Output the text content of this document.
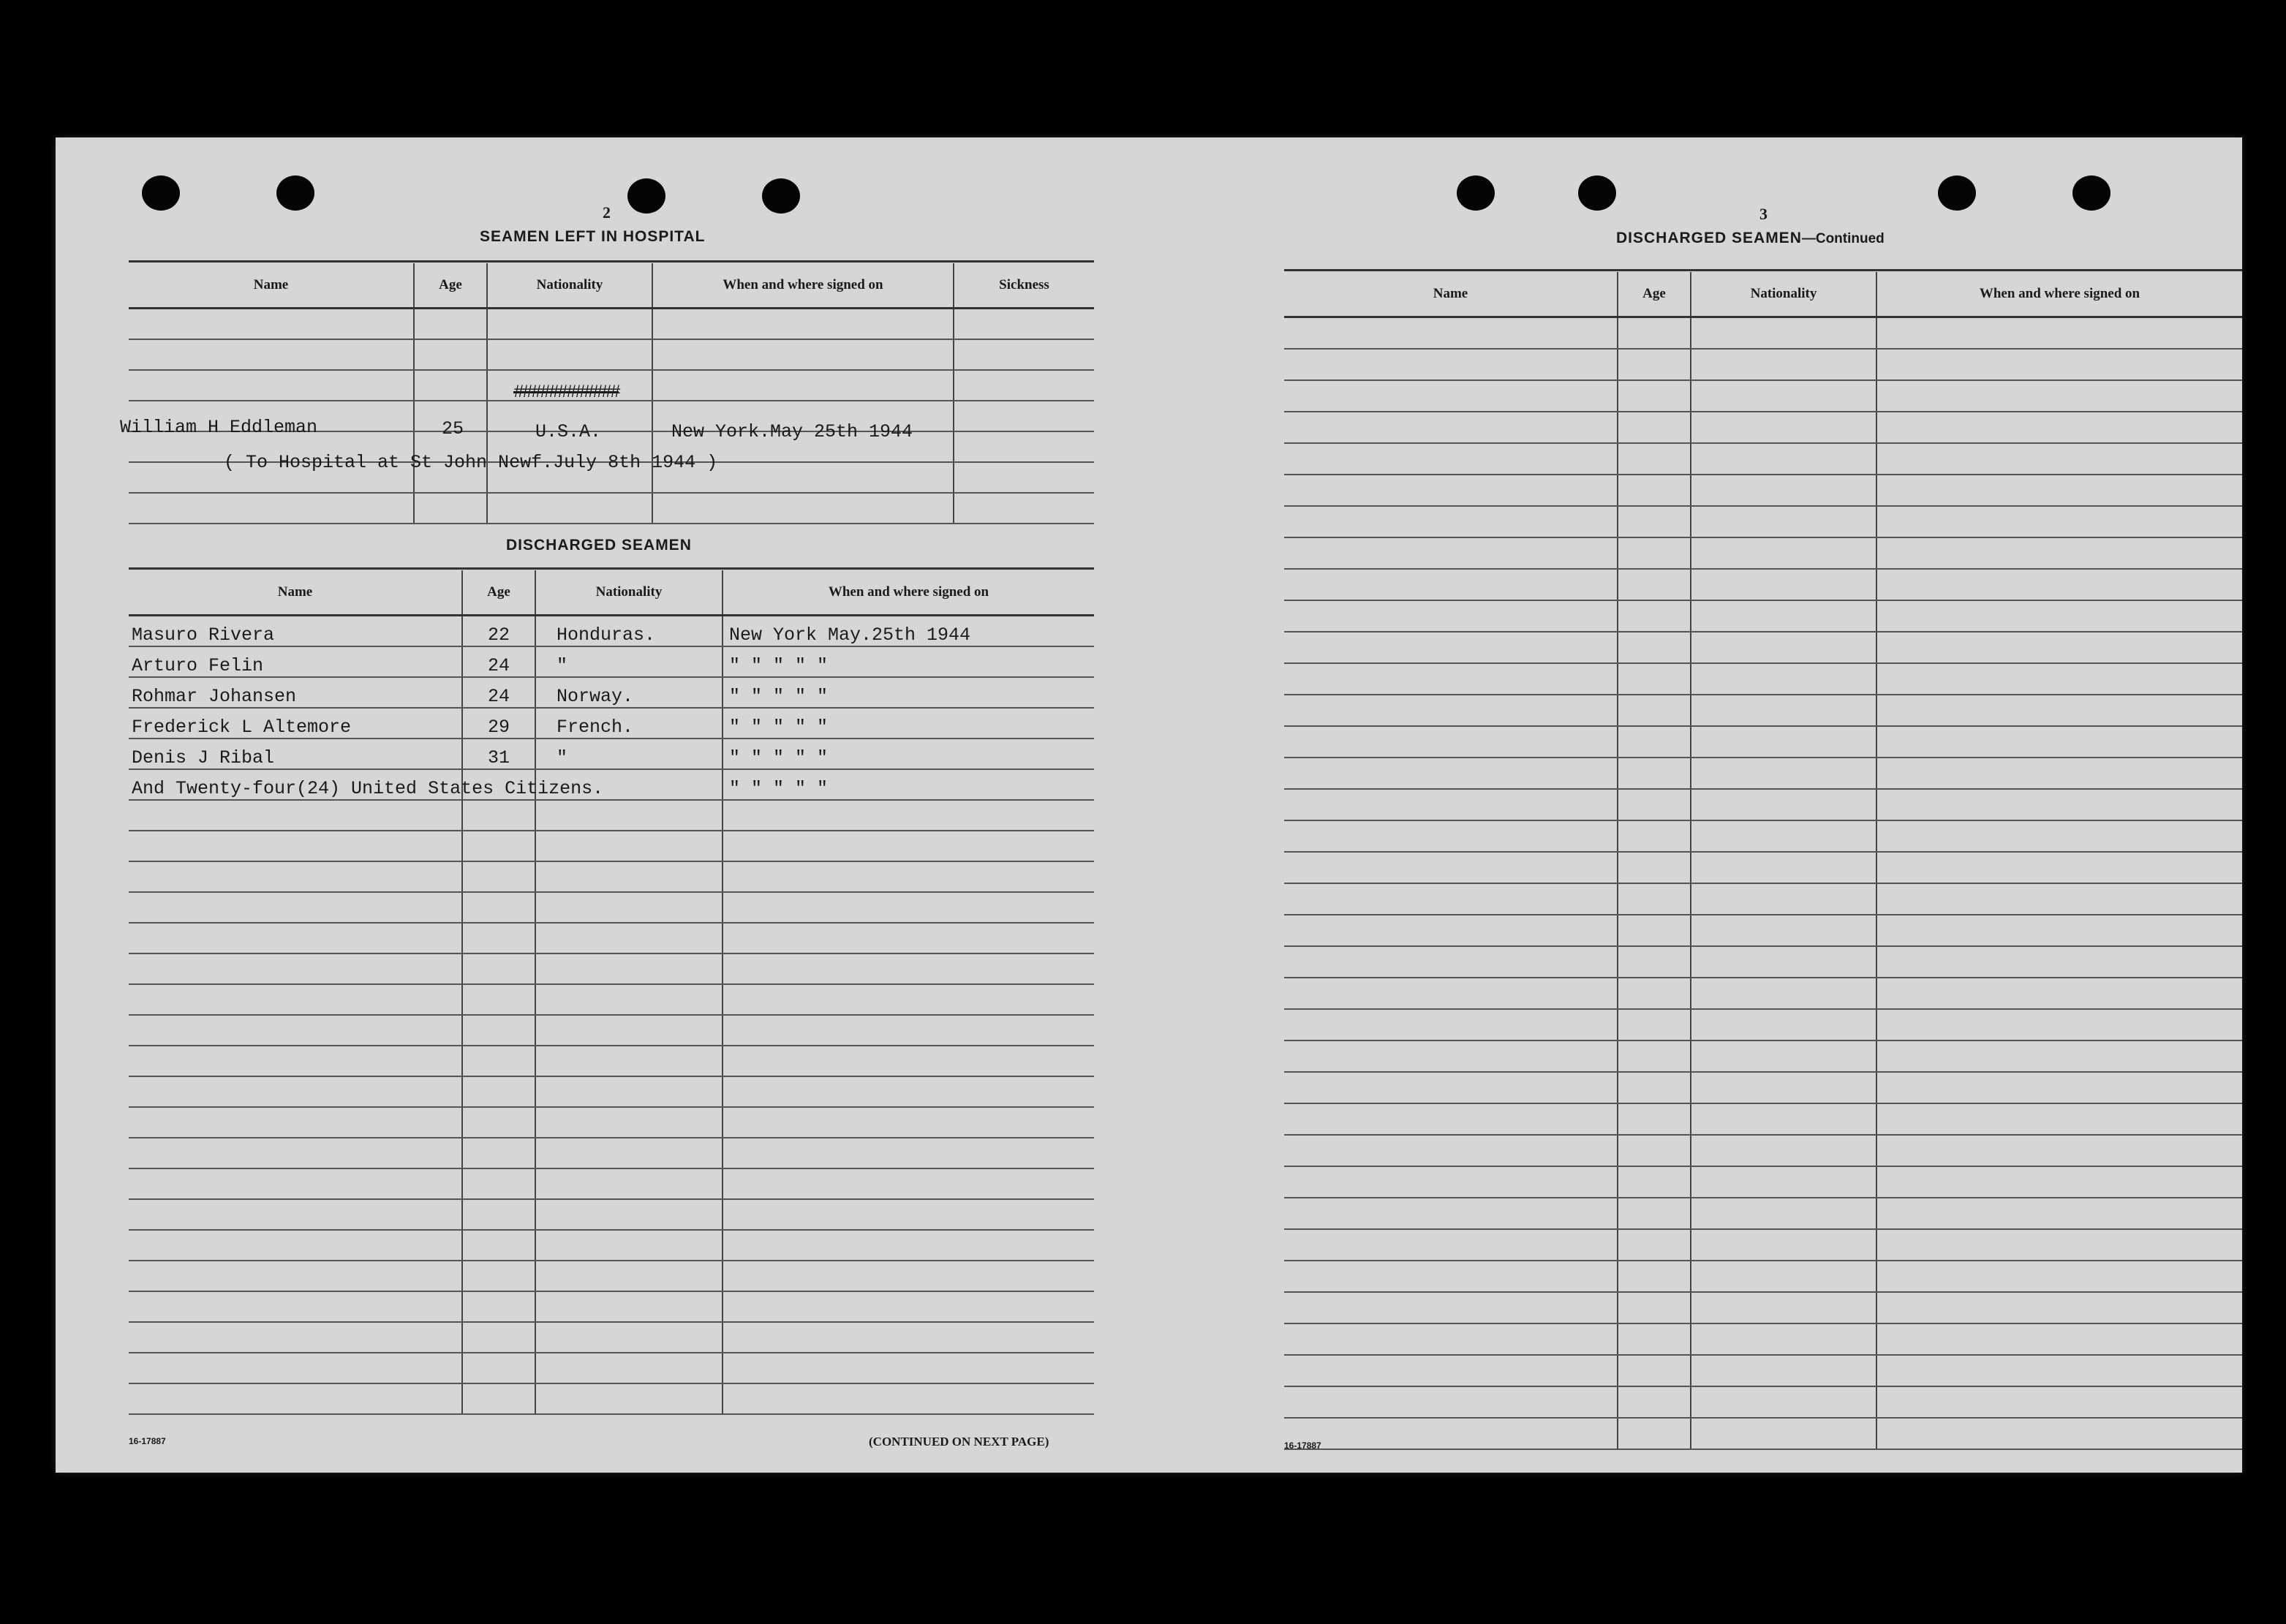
2
SEAMEN LEFT IN HOSPITAL
Name	Age	Nationality	When and where signed on	Sickness

############
William H Eddleman	25	U.S.A.	New York.May 25th 1944
( To Hospital at St John Newf.July 8th 1944 )
DISCHARGED SEAMEN
Name	Age	Nationality	When and where signed on
Masuro Rivera	22	Honduras.	New York May.25th 1944
Arturo Felin	24	"	" " " " "
Rohmar Johansen	24	Norway.	" " " " "
Frederick L Altemore	29	French.	" " " " "
Denis J Ribal	31	"	" " " " "
And Twenty-four(24) United States Citizens.			" " " " "

16-17887	(CONTINUED ON NEXT PAGE)
3
DISCHARGED SEAMEN—Continued
Name	Age	Nationality	When and where signed on

16-17887
